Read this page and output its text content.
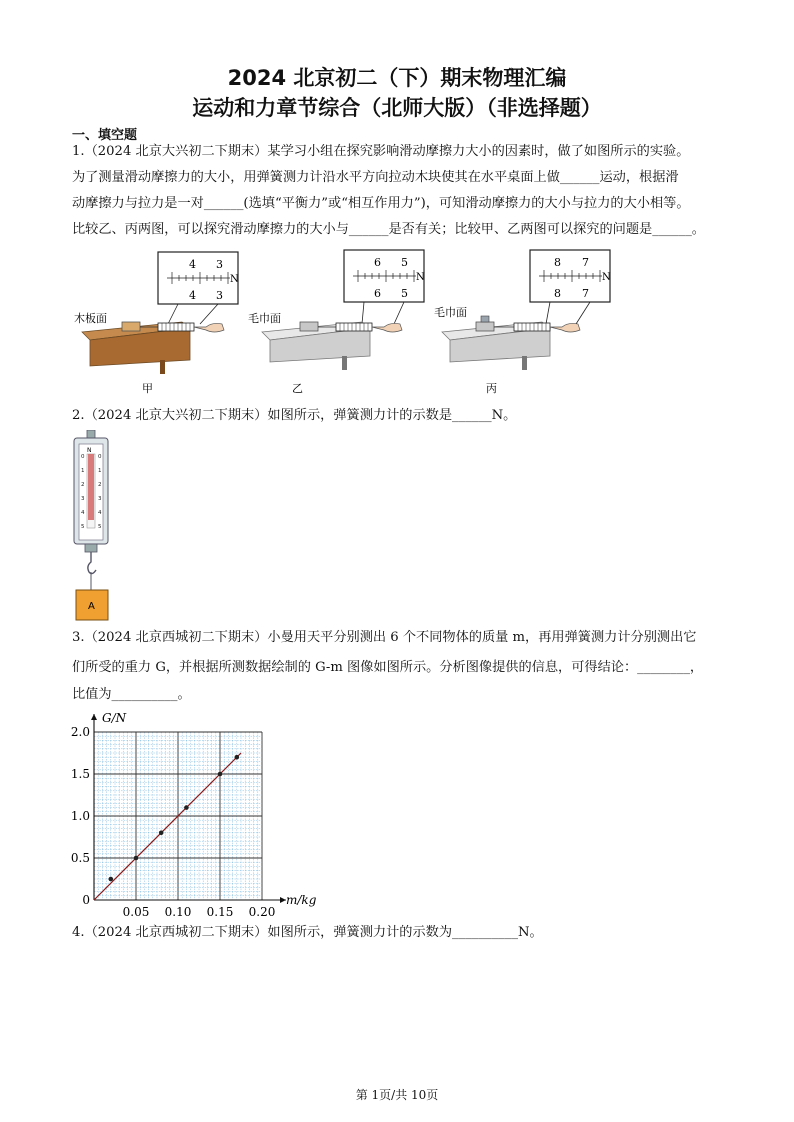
2024 北京初二（下）期末物理汇编
运动和力章节综合（北师大版）（非选择题）
一、填空题
1.（2024 北京大兴初二下期末）某学习小组在探究影响滑动摩擦力大小的因素时，做了如图所示的实验。
为了测量滑动摩擦力的大小，用弹簧测力计沿水平方向拉动木块使其在水平桌面上做______运动，根据滑
动摩擦力与拉力是一对______(选填“平衡力”或“相互作用力”)，可知滑动摩擦力的大小与拉力的大小相等。
比较乙、丙两图，可以探究滑动摩擦力的大小与______是否有关；比较甲、乙两图可以探究的问题是______。
4 3
4 3
N
木板面
甲
6 5
6 5
N
毛巾面
乙
8 7
8 7
N
毛巾面
丙
2.（2024 北京大兴初二下期末）如图所示，弹簧测力计的示数是______N。
N
0 0
1 1
2 2
3 3
4 4
5 5
A
3.（2024 北京西城初二下期末）小曼用天平分别测出 6 个不同物体的质量 m，再用弹簧测力计分别测出它
们所受的重力 G，并根据所测数据绘制的 G-m 图像如图所示。分析图像提供的信息，可得结论：________，
比值为__________。
G/N
m/kg
0
0.5
1.0
1.5
2.0
0.05 0.10 0.15 0.20
4.（2024 北京西城初二下期末）如图所示，弹簧测力计的示数为__________N。
第 1页/共 10页
